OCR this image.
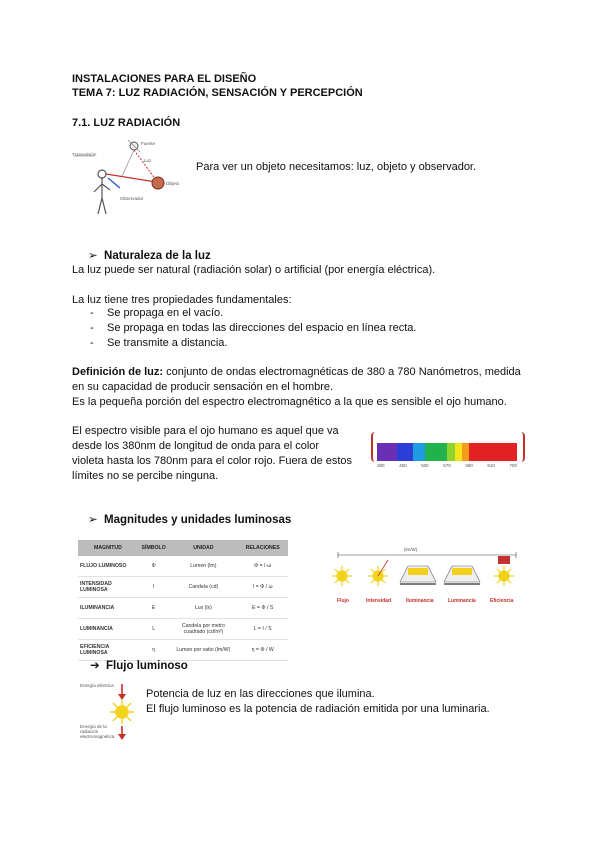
INSTALACIONES PARA EL DISEÑO
TEMA 7: LUZ RADIACIÓN, SENSACIÓN Y PERCEPCIÓN
7.1. LUZ RADIACIÓN
Transmisión
Fuente
Luz
Objeto
Observador
Para ver un objeto necesitamos: luz, objeto y observador.
➢  Naturaleza de la luz
La luz puede ser natural (radiación solar) o artificial (por energía eléctrica).
La luz tiene tres propiedades fundamentales:
- Se propaga en el vacío.
- Se propaga en todas las direcciones del espacio en línea recta.
- Se transmite a distancia.
Definición de luz: conjunto de ondas electromagnéticas de 380 a 780 Nanómetros, medida
en su capacidad de producir sensación en el hombre.
Es la pequeña porción del espectro electromagnético a la que es sensible el ojo humano.
El espectro visible para el ojo humano es aquel que va
desde los 380nm de longitud de onda para el color
violeta hasta los 780nm para el color rojo. Fuera de estos
límites no se percibe ninguna.
380	450	500	570	590	610	780
➢  Magnitudes y unidades luminosas
MAGNITUD	SÍMBOLO	UNIDAD	RELACIONES
FLUJO LUMINOSO	Φ	Lumen (lm)	Φ = I·ω
INTENSIDAD LUMINOSA	I	Candela (cd)	I = Φ / ω
ILUMINANCIA	E	Lux (lx)	E = Φ / S
LUMINANCIA	L	Candela por metro cuadrado (cd/m²)	L = I / S
EFICIENCIA LUMINOSA	η	Lumen por vatio (lm/W)	η = Φ / W
(lm/W)
Flujo	Intensidad	Iluminancia	Luminancia	Eficiencia
➔  Flujo luminoso
Energía eléctrica
Energía de la
radiación
electromagnética
Potencia de luz en las direcciones que ilumina.
El flujo luminoso es la potencia de radiación emitida por una luminaria.
